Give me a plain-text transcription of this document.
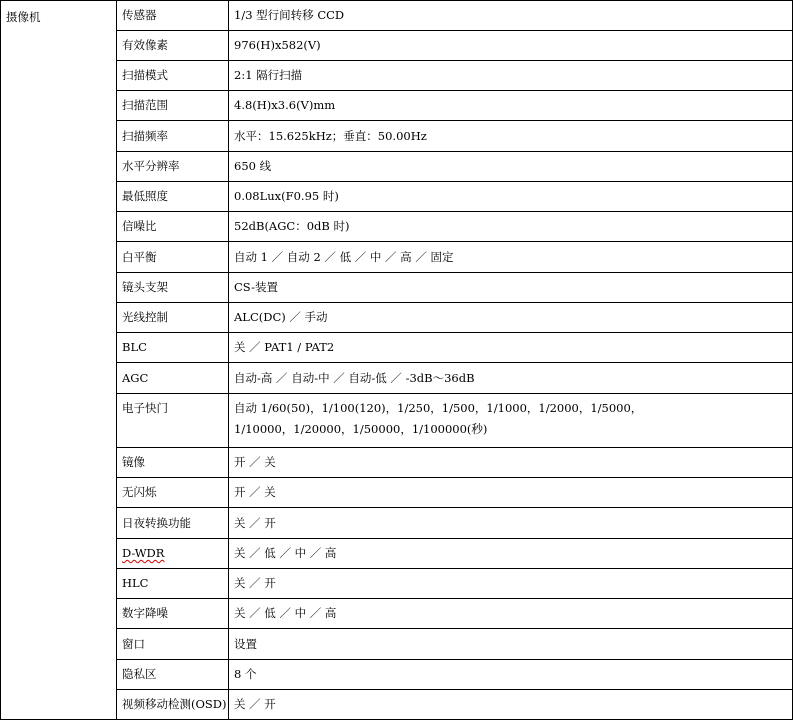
摄像机	传感器	1/3 型行间转移 CCD
	有效像素	976(H)x582(V)
	扫描模式	2:1 隔行扫描
	扫描范围	4.8(H)x3.6(V)mm
	扫描频率	水平：15.625kHz；垂直：50.00Hz
	水平分辨率	650 线
	最低照度	0.08Lux(F0.95 时)
	信噪比	52dB(AGC：0dB 时)
	白平衡	自动 1 ／ 自动 2 ／ 低 ／ 中 ／ 高 ／ 固定
	镜头支架	CS-装置
	光线控制	ALC(DC) ／ 手动
	BLC	关 ／ PAT1 / PAT2
	AGC	自动-高 ／ 自动-中 ／ 自动-低 ／ -3dB～36dB
	电子快门	自动 1/60(50)，1/100(120)，1/250，1/500，1/1000，1/2000，1/5000，
1/10000，1/20000，1/50000，1/100000(秒)

	镜像	开 ／ 关
	无闪烁	开 ／ 关
	日夜转换功能	关 ／ 开
	D-WDR	关 ／ 低 ／ 中 ／ 高
	HLC	关 ／ 开
	数字降噪	关 ／ 低 ／ 中 ／ 高
	窗口	设置
	隐私区	8 个
	视频移动检测(OSD)	关 ／ 开
